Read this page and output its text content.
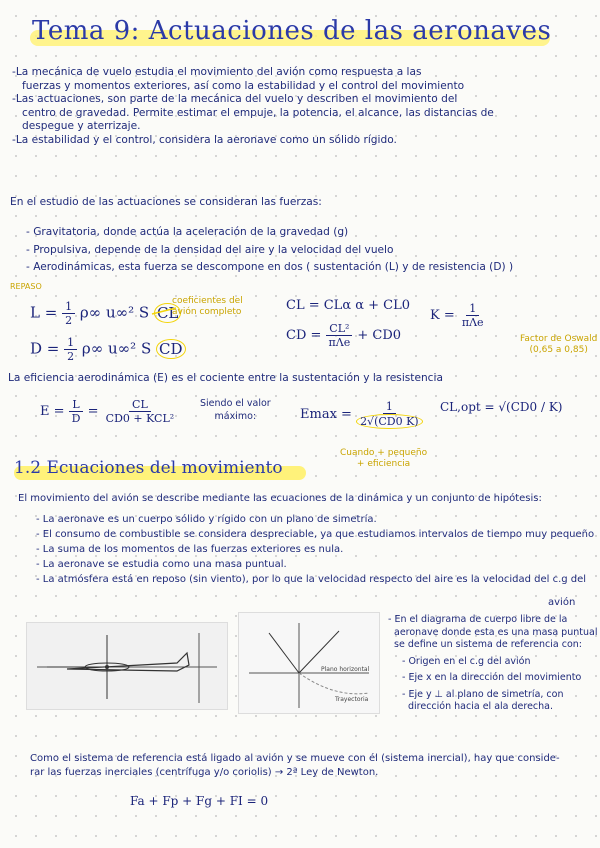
Tema 9: Actuaciones de las aeronaves
-La mecánica de vuelo estudia el movimiento del avión como respuesta a las
fuerzas y momentos exteriores, así como la estabilidad y el control del movimiento
-Las actuaciones, son parte de la mecánica del vuelo y describen el movimiento del
centro de gravedad. Permite estimar el empuje, la potencia, el alcance, las distancias de
despegue y aterrizaje.
-La estabilidad y el control, considera la aeronave como un sólido rígido.
En el estudio de las actuaciones se consideran las fuerzas:
- Gravitatoria, donde actúa la aceleración de la gravedad (g)
- Propulsiva, depende de la densidad del aire y la velocidad del vuelo
- Aerodinámicas, esta fuerza se descompone en dos ( sustentación (L) y de resistencia (D) )
REPASO
$L = \frac{1}{2} \rho\infty$ u∞² S CL
$D = \frac{1}{2} \rho\infty$ u∞² S CD
coeficientes del avión completo	CL = CLα α + CL0
CD = $\frac{\text{CL²}}{\text{πΛe}} + CD0$
$K = \frac{1}{\text{πΛe}}$
Factor de Oswald
(0,65 a 0,85)
La eficiencia aerodinámica (E) es el cociente entre la sustentación y la resistencia
$E = \frac{L}{D} = \frac{CL}{\text{CD0 + KCL²}}$ Siendo el valor
máximo:	$Emax = \frac{1}{2√(CD0 K)} CL,opt = √(CD0 / K)$
Cuando + pequeño
+ eficiencia
1.2 Ecuaciones del movimiento
El movimiento del avión se describe mediante las ecuaciones de la dinámica y un conjunto de hipótesis:
- La aeronave es un cuerpo sólido y rígido con un plano de simetría.
- El consumo de combustible se considera despreciable, ya que estudiamos intervalos de tiempo muy pequeño
- La suma de los momentos de las fuerzas exteriores es nula.
- La aeronave se estudia como una masa puntual.
- La atmósfera está en reposo (sin viento), por lo que la velocidad respecto del aire es la velocidad del c.g del
avión
Plano horizontal
Trayectoria
- En el diagrama de cuerpo libre de la
aeronave donde esta es una masa puntual
se define un sistema de referencia con:
- Origen en el c.g del avión
- Eje x en la dirección del movimiento
- Eje y ⊥ al plano de simetría, con
dirección hacia el ala derecha.
Como el sistema de referencia está ligado al avión y se mueve con él (sistema inercial), hay que conside-
rar las fuerzas inerciales (centrífuga y/o coriolis) → 2ª Ley de Newton.
Fa + Fp + Fg + FI = 0
